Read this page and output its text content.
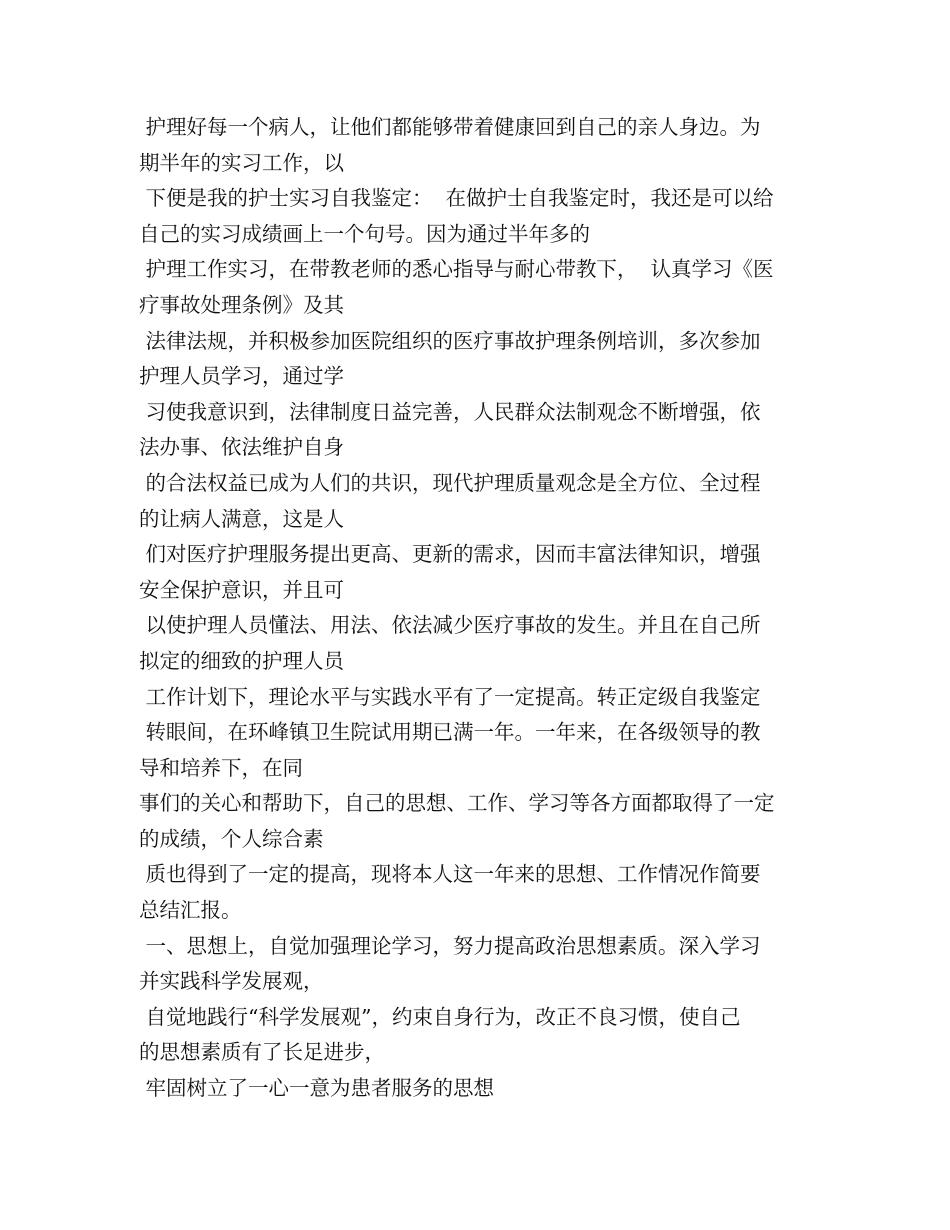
护理好每一个病人，让他们都能够带着健康回到自己的亲人身边。为
期半年的实习工作，以
下便是我的护士实习自我鉴定：  在做护士自我鉴定时，我还是可以给
自己的实习成绩画上一个句号。因为通过半年多的
护理工作实习，在带教老师的悉心指导与耐心带教下，  认真学习《医
疗事故处理条例》及其
法律法规，并积极参加医院组织的医疗事故护理条例培训，多次参加
护理人员学习，通过学
习使我意识到，法律制度日益完善，人民群众法制观念不断增强，依
法办事、依法维护自身
的合法权益已成为人们的共识，现代护理质量观念是全方位、全过程
的让病人满意，这是人
们对医疗护理服务提出更高、更新的需求，因而丰富法律知识，增强
安全保护意识，并且可
以使护理人员懂法、用法、依法减少医疗事故的发生。并且在自己所
拟定的细致的护理人员
工作计划下，理论水平与实践水平有了一定提高。转正定级自我鉴定
转眼间，在环峰镇卫生院试用期已满一年。一年来，在各级领导的教
导和培养下，在同
事们的关心和帮助下，自己的思想、工作、学习等各方面都取得了一定
的成绩，个人综合素
质也得到了一定的提高，现将本人这一年来的思想、工作情况作简要
总结汇报。
一、思想上，自觉加强理论学习，努力提高政治思想素质。深入学习
并实践科学发展观，
自觉地践行“科学发展观”，约束自身行为，改正不良习惯，使自己
的思想素质有了长足进步，
牢固树立了一心一意为患者服务的思想
